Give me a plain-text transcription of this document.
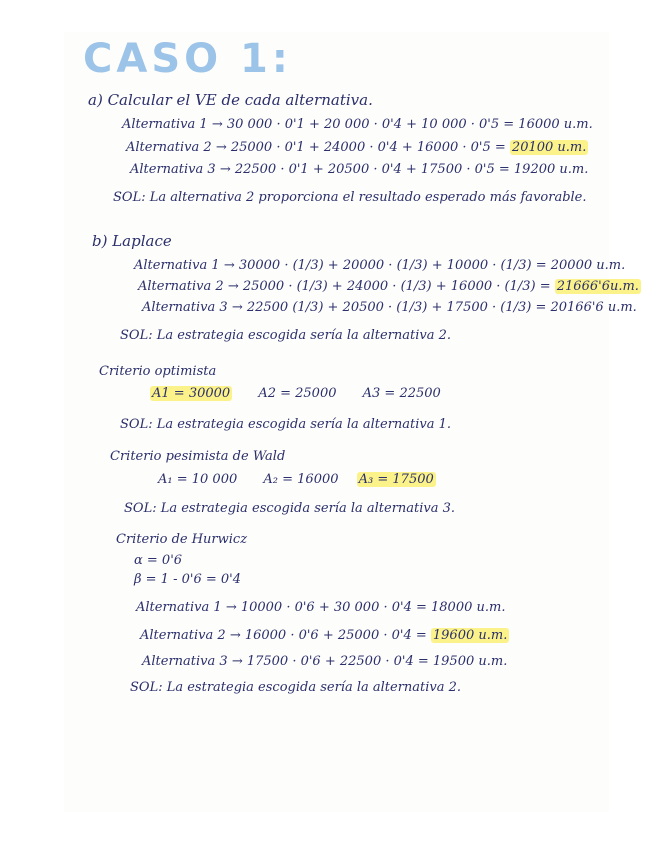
CASO 1:
a) Calcular el VE de cada alternativa.
Alternativa 1 → 30 000 · 0'1 + 20 000 · 0'4 + 10 000 · 0'5 = 16000 u.m.
Alternativa 2 → 25000 · 0'1 + 24000 · 0'4 + 16000 · 0'5 = 20100 u.m.
Alternativa 3 → 22500 · 0'1 + 20500 · 0'4 + 17500 · 0'5 = 19200 u.m.
SOL: La alternativa 2 proporciona el resultado esperado más favorable.
b) Laplace
Alternativa 1 → 30000 · (1/3) + 20000 · (1/3) + 10000 · (1/3) = 20000 u.m.
Alternativa 2 → 25000 · (1/3) + 24000 · (1/3) + 16000 · (1/3) = 21666'6u.m.
Alternativa 3 → 22500 (1/3) + 20500 · (1/3) + 17500 · (1/3) = 20166'6 u.m.
SOL: La estrategia escogida sería la alternativa 2.
Criterio optimista
A1 = 30000 A2 = 25000 A3 = 22500
SOL: La estrategia escogida sería la alternativa 1.
Criterio pesimista de Wald
A₁ = 10 000 A₂ = 16000 A₃ = 17500
SOL: La estrategia escogida sería la alternativa 3.
Criterio de Hurwicz
α = 0'6
β = 1 - 0'6 = 0'4
Alternativa 1 → 10000 · 0'6 + 30 000 · 0'4 = 18000 u.m.
Alternativa 2 → 16000 · 0'6 + 25000 · 0'4 = 19600 u.m.
Alternativa 3 → 17500 · 0'6 + 22500 · 0'4 = 19500 u.m.
SOL: La estrategia escogida sería la alternativa 2.
